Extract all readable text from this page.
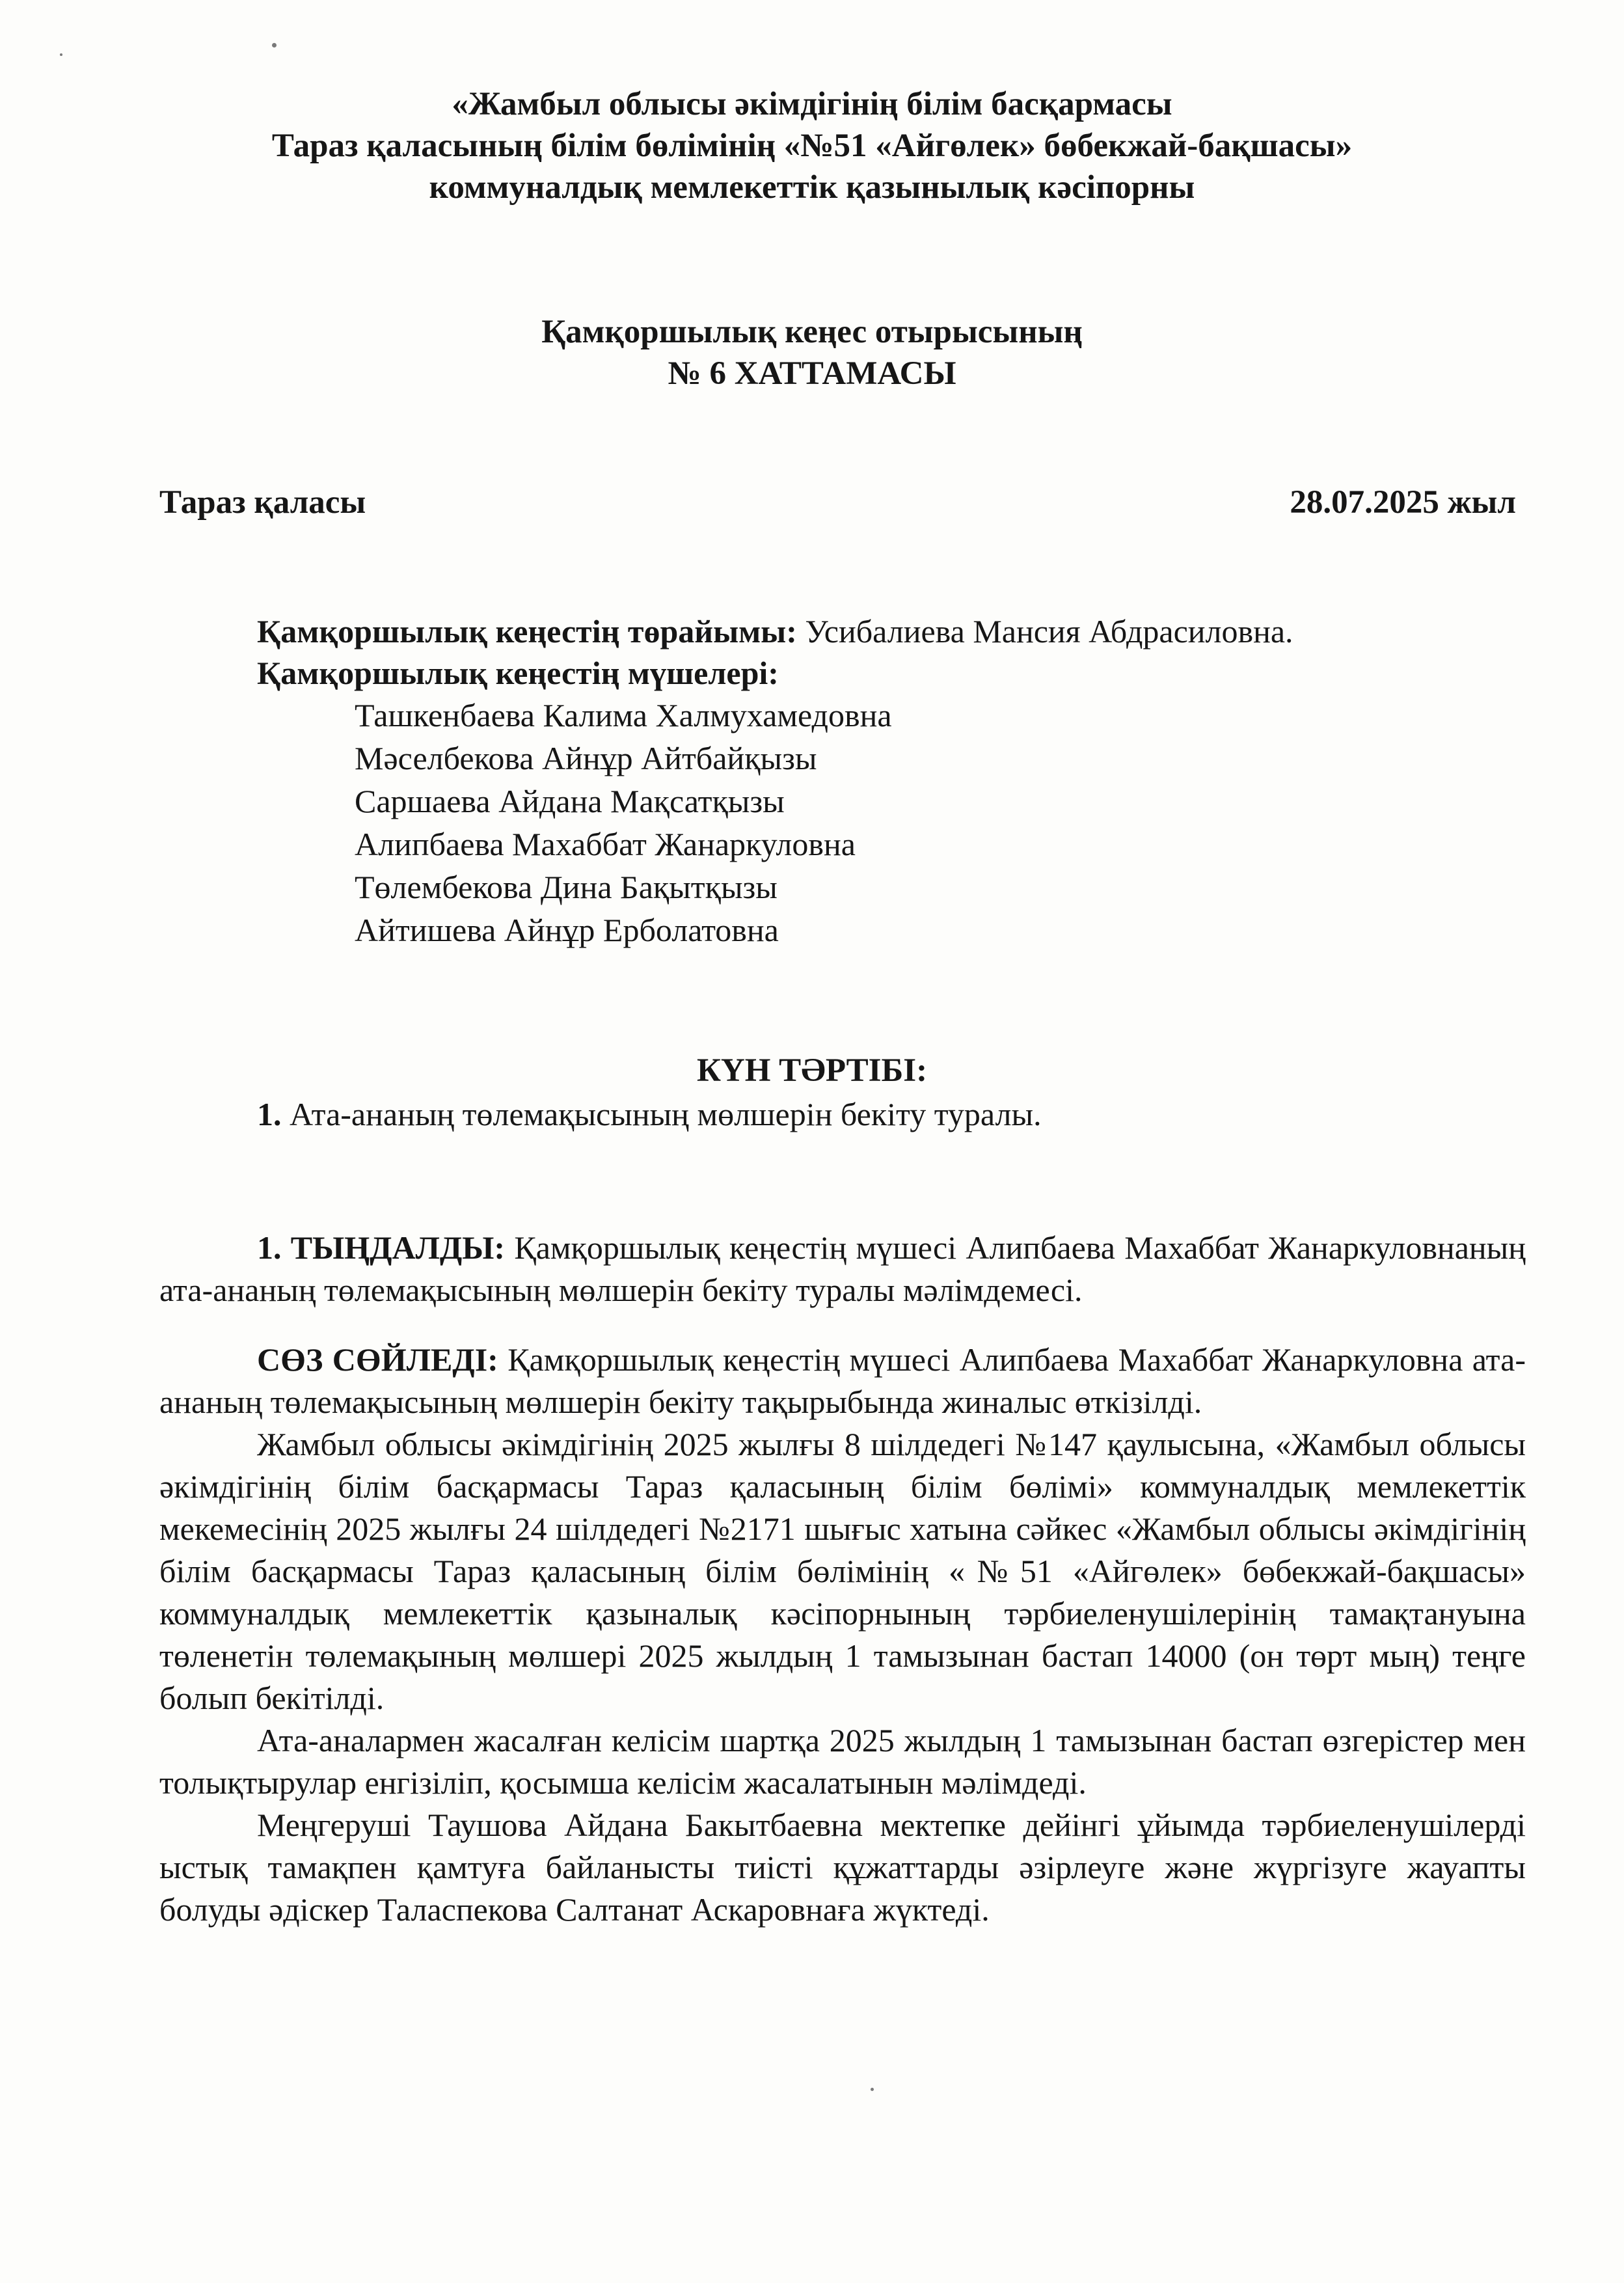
«Жамбыл облысы әкімдігінің білім басқармасы
Тараз қаласының білім бөлімінің «№51 «Айгөлек» бөбекжай-бақшасы»
коммуналдық мемлекеттік қазынылық кәсіпорны
Қамқоршылық кеңес отырысының
№ 6 ХАТТАМАСЫ
Тараз қаласы	28.07.2025 жыл
Қамқоршылық кеңестің төрайымы: Усибалиева Мансия Абдрасиловна.
Қамқоршылық кеңестің мүшелері:
Ташкенбаева Калима Халмухамедовна
Мәселбекова Айнұр Айтбайқызы
Саршаева Айдана Мақсатқызы
Алипбаева Махаббат Жанаркуловна
Төлембекова Дина Бақытқызы
Айтишева Айнұр Ерболатовна
КҮН ТӘРТІБІ:
1. Ата-ананың төлемақысының мөлшерін бекіту туралы.

1. ТЫҢДАЛДЫ: Қамқоршылық кеңестің мүшесі Алипбаева Махаббат Жанаркуловнаның ата-ананың төлемақысының мөлшерін бекіту туралы мәлімдемесі.

СӨЗ СӨЙЛЕДІ: Қамқоршылық кеңестің мүшесі Алипбаева Махаббат Жанаркуловна ата-ананың төлемақысының мөлшерін бекіту тақырыбында жиналыс өткізілді.

Жамбыл облысы әкімдігінің 2025 жылғы 8 шілдедегі №147 қаулысына, «Жамбыл облысы әкімдігінің білім басқармасы Тараз қаласының білім бөлімі» коммуналдық мемлекеттік мекемесінің 2025 жылғы 24 шілдедегі №2171 шығыс хатына сәйкес «Жамбыл облысы әкімдігінің білім басқармасы Тараз қаласының білім бөлімінің «№51 «Айгөлек» бөбекжай-бақшасы» коммуналдық мемлекеттік қазыналық кәсіпорнының тәрбиеленушілерінің тамақтануына төленетін төлемақының мөлшері 2025 жылдың 1 тамызынан бастап 14000 (он төрт мың) теңге болып бекітілді.

Ата-аналармен жасалған келісім шартқа 2025 жылдың 1 тамызынан бастап өзгерістер мен толықтырулар енгізіліп, қосымша келісім жасалатынын мәлімдеді.

Меңгеруші Таушова Айдана Бакытбаевна мектепке дейінгі ұйымда тәрбиеленушілерді ыстық тамақпен қамтуға байланысты тиісті құжаттарды әзірлеуге және жүргізуге жауапты болуды әдіскер Таласпекова Салтанат Аскаровнаға жүктеді.
